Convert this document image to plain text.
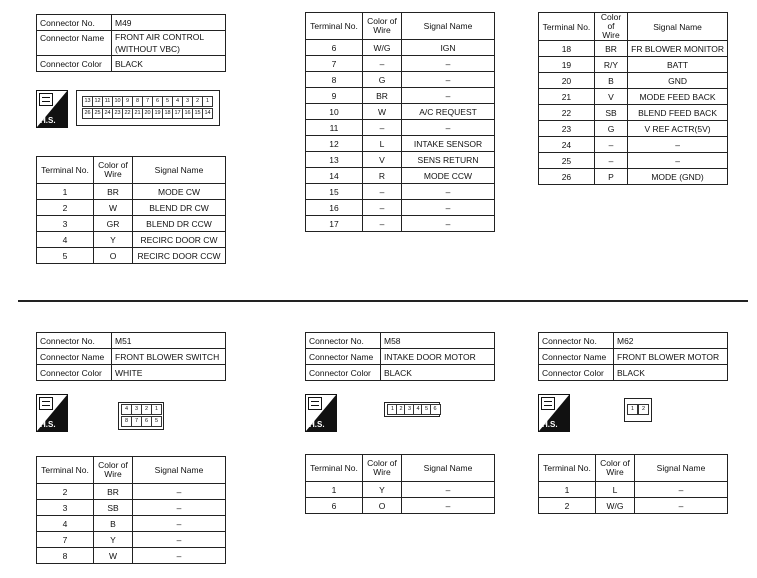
Connector No.	M49
Connector Name	FRONT AIR CONTROL
	(WITHOUT VBC)
Connector Color	BLACK
H.S.
13 12 11 10 9	8	7	6	5	4	3	2	1
26 25 24 23 22 21 20 19 18 17 16 15 14
Terminal No.	Color of Wire	Signal Name
1	BR	MODE CW
2	W	BLEND DR CW
3	GR	BLEND DR CCW
4	Y	RECIRC DOOR CW
5	O	RECIRC DOOR CCW
Terminal No.	Color of Wire	Signal Name
6	W/G	IGN
7	–	–
8	G	–
9	BR	–
10	W	A/C REQUEST
11	–	–
12	L	INTAKE SENSOR
13	V	SENS RETURN
14	R	MODE CCW
15	–	–
16	–	–
17	–	–
Terminal No.	Color of Wire	Signal Name
18	BR	FR BLOWER MONITOR
19	R/Y	BATT
20	B	GND
21	V	MODE FEED BACK
22	SB	BLEND FEED BACK
23	G	V REF ACTR(5V)
24	–	–
25	–	–
26	P	MODE (GND)
Connector No.	M51
Connector Name	FRONT BLOWER SWITCH
Connector Color	WHITE
H.S.
4	3	2	1
8	7	6	5
Terminal No.	Color of Wire	Signal Name
2	BR	–
3	SB	–
4	B	–
7	Y	–
8	W	–
Connector No.	M58
Connector Name	INTAKE DOOR MOTOR
Connector Color	BLACK
H.S.
1 2 3 4 5 6
Terminal No.	Color of Wire	Signal Name
1	Y	–
6	O	–
Connector No.	M62
Connector Name	FRONT BLOWER MOTOR
Connector Color	BLACK
H.S.
1	2
Terminal No.	Color of Wire	Signal Name
1	L	–
2	W/G	–
